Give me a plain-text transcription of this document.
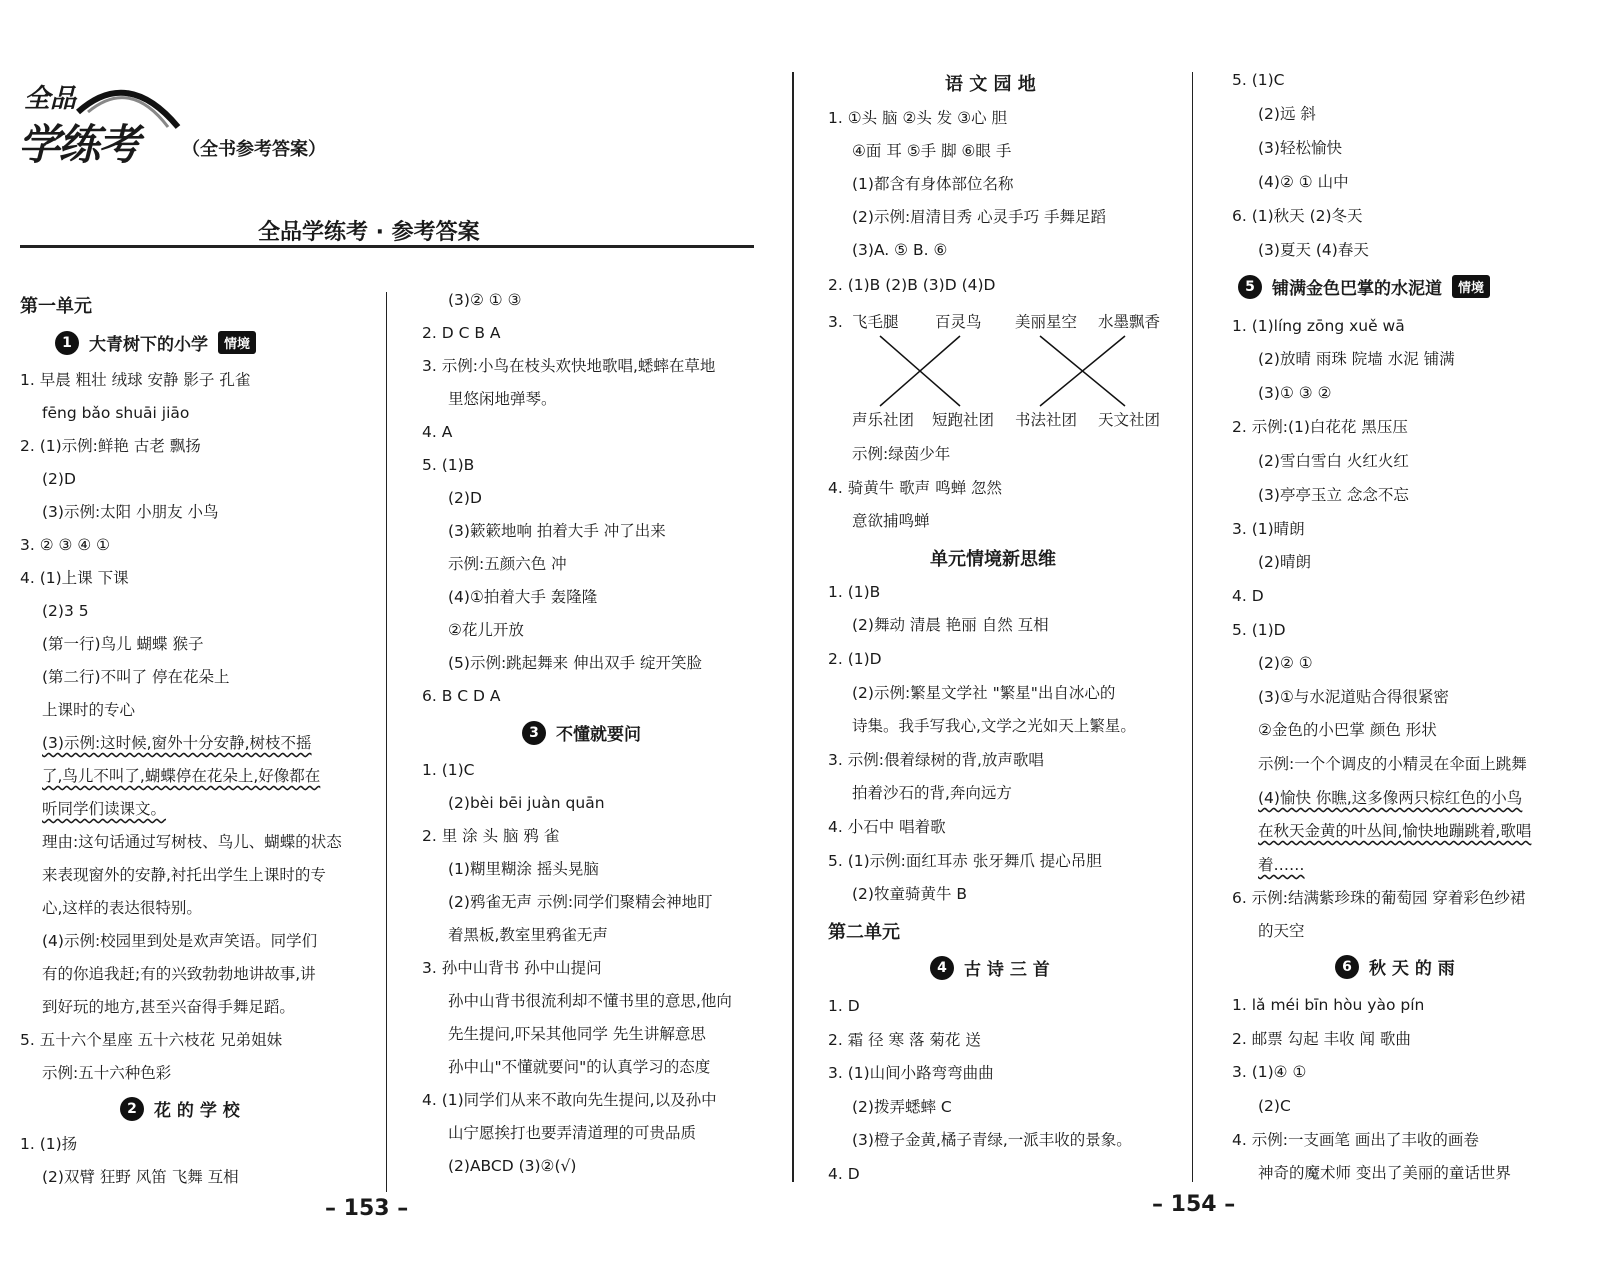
全品
学练考 （全书参考答案）
全品学练考 · 参考答案
第一单元
1	大青树下的小学	情境
1. 早晨 粗壮 绒球 安静 影子 孔雀
fēng bǎo shuāi jiāo
2. (1)示例:鲜艳 古老 飘扬
(2)D
(3)示例:太阳 小朋友 小鸟
3. ② ③ ④ ①
4. (1)上课 下课
(2)3 5
(第一行)鸟儿 蝴蝶 猴子
(第二行)不叫了 停在花朵上
上课时的专心
(3)示例:这时候,窗外十分安静,树枝不摇
了,鸟儿不叫了,蝴蝶停在花朵上,好像都在
听同学们读课文。
理由:这句话通过写树枝、鸟儿、蝴蝶的状态
来表现窗外的安静,衬托出学生上课时的专
心,这样的表达很特别。
(4)示例:校园里到处是欢声笑语。同学们
有的你追我赶;有的兴致勃勃地讲故事,讲
到好玩的地方,甚至兴奋得手舞足蹈。
5. 五十六个星座 五十六枝花 兄弟姐妹
示例:五十六种色彩
2	花 的 学 校
1. (1)扬
(2)双臂 狂野 风笛 飞舞 互相
(3)② ① ③
2. D C B A
3. 示例:小鸟在枝头欢快地歌唱,蟋蟀在草地
里悠闲地弹琴。
4. A
5. (1)B
(2)D
(3)簌簌地响 拍着大手 冲了出来
示例:五颜六色 冲
(4)①拍着大手 轰隆隆
②花儿开放
(5)示例:跳起舞来 伸出双手 绽开笑脸
6. B C D A
3	不懂就要问
1. (1)C
(2)bèi bēi juàn quān
2. 里 涂 头 脑 鸦 雀
(1)糊里糊涂 摇头晃脑
(2)鸦雀无声 示例:同学们聚精会神地盯
着黑板,教室里鸦雀无声
3. 孙中山背书 孙中山提问
孙中山背书很流利却不懂书里的意思,他向
先生提问,吓呆其他同学 先生讲解意思
孙中山"不懂就要问"的认真学习的态度
4. (1)同学们从来不敢向先生提问,以及孙中
山宁愿挨打也要弄清道理的可贵品质
(2)ABCD (3)②(√)
– 153 –
语 文 园 地
1. ①头 脑 ②头 发 ③心 胆
④面 耳 ⑤手 脚 ⑥眼 手
(1)都含有身体部位名称
(2)示例:眉清目秀 心灵手巧 手舞足蹈
(3)A. ⑤ B. ⑥
2. (1)B (2)B (3)D (4)D
3. 飞毛腿 百灵鸟 美丽星空 水墨飘香
声乐社团 短跑社团 书法社团 天文社团
示例:绿茵少年
4. 骑黄牛 歌声 鸣蝉 忽然
意欲捕鸣蝉
单元情境新思维
1. (1)B
(2)舞动 清晨 艳丽 自然 互相
2. (1)D
(2)示例:繁星文学社 "繁星"出自冰心的
诗集。我手写我心,文学之光如天上繁星。
3. 示例:偎着绿树的背,放声歌唱
拍着沙石的背,奔向远方
4. 小石中 唱着歌
5. (1)示例:面红耳赤 张牙舞爪 提心吊胆
(2)牧童骑黄牛 B
第二单元
4	古 诗 三 首
1. D
2. 霜 径 寒 落 菊花 送
3. (1)山间小路弯弯曲曲
(2)拨弄蟋蟀 C
(3)橙子金黄,橘子青绿,一派丰收的景象。
4. D
5. (1)C
(2)远 斜
(3)轻松愉快
(4)② ① 山中
6. (1)秋天 (2)冬天
(3)夏天 (4)春天
5	铺满金色巴掌的水泥道	情境
1. (1)líng zōng xuě wā
(2)放晴 雨珠 院墙 水泥 铺满
(3)① ③ ②
2. 示例:(1)白花花 黑压压
(2)雪白雪白 火红火红
(3)亭亭玉立 念念不忘
3. (1)晴朗
(2)晴朗
4. D
5. (1)D
(2)② ①
(3)①与水泥道贴合得很紧密
②金色的小巴掌 颜色 形状
示例:一个个调皮的小精灵在伞面上跳舞
(4)愉快 你瞧,这多像两只棕红色的小鸟
在秋天金黄的叶丛间,愉快地蹦跳着,歌唱
着……
6. 示例:结满紫珍珠的葡萄园 穿着彩色纱裙
的天空
6	秋 天 的 雨
1. lǎ méi bīn hòu yào pín
2. 邮票 勾起 丰收 闻 歌曲
3. (1)④ ①
(2)C
4. 示例:一支画笔 画出了丰收的画卷
神奇的魔术师 变出了美丽的童话世界
– 154 –
